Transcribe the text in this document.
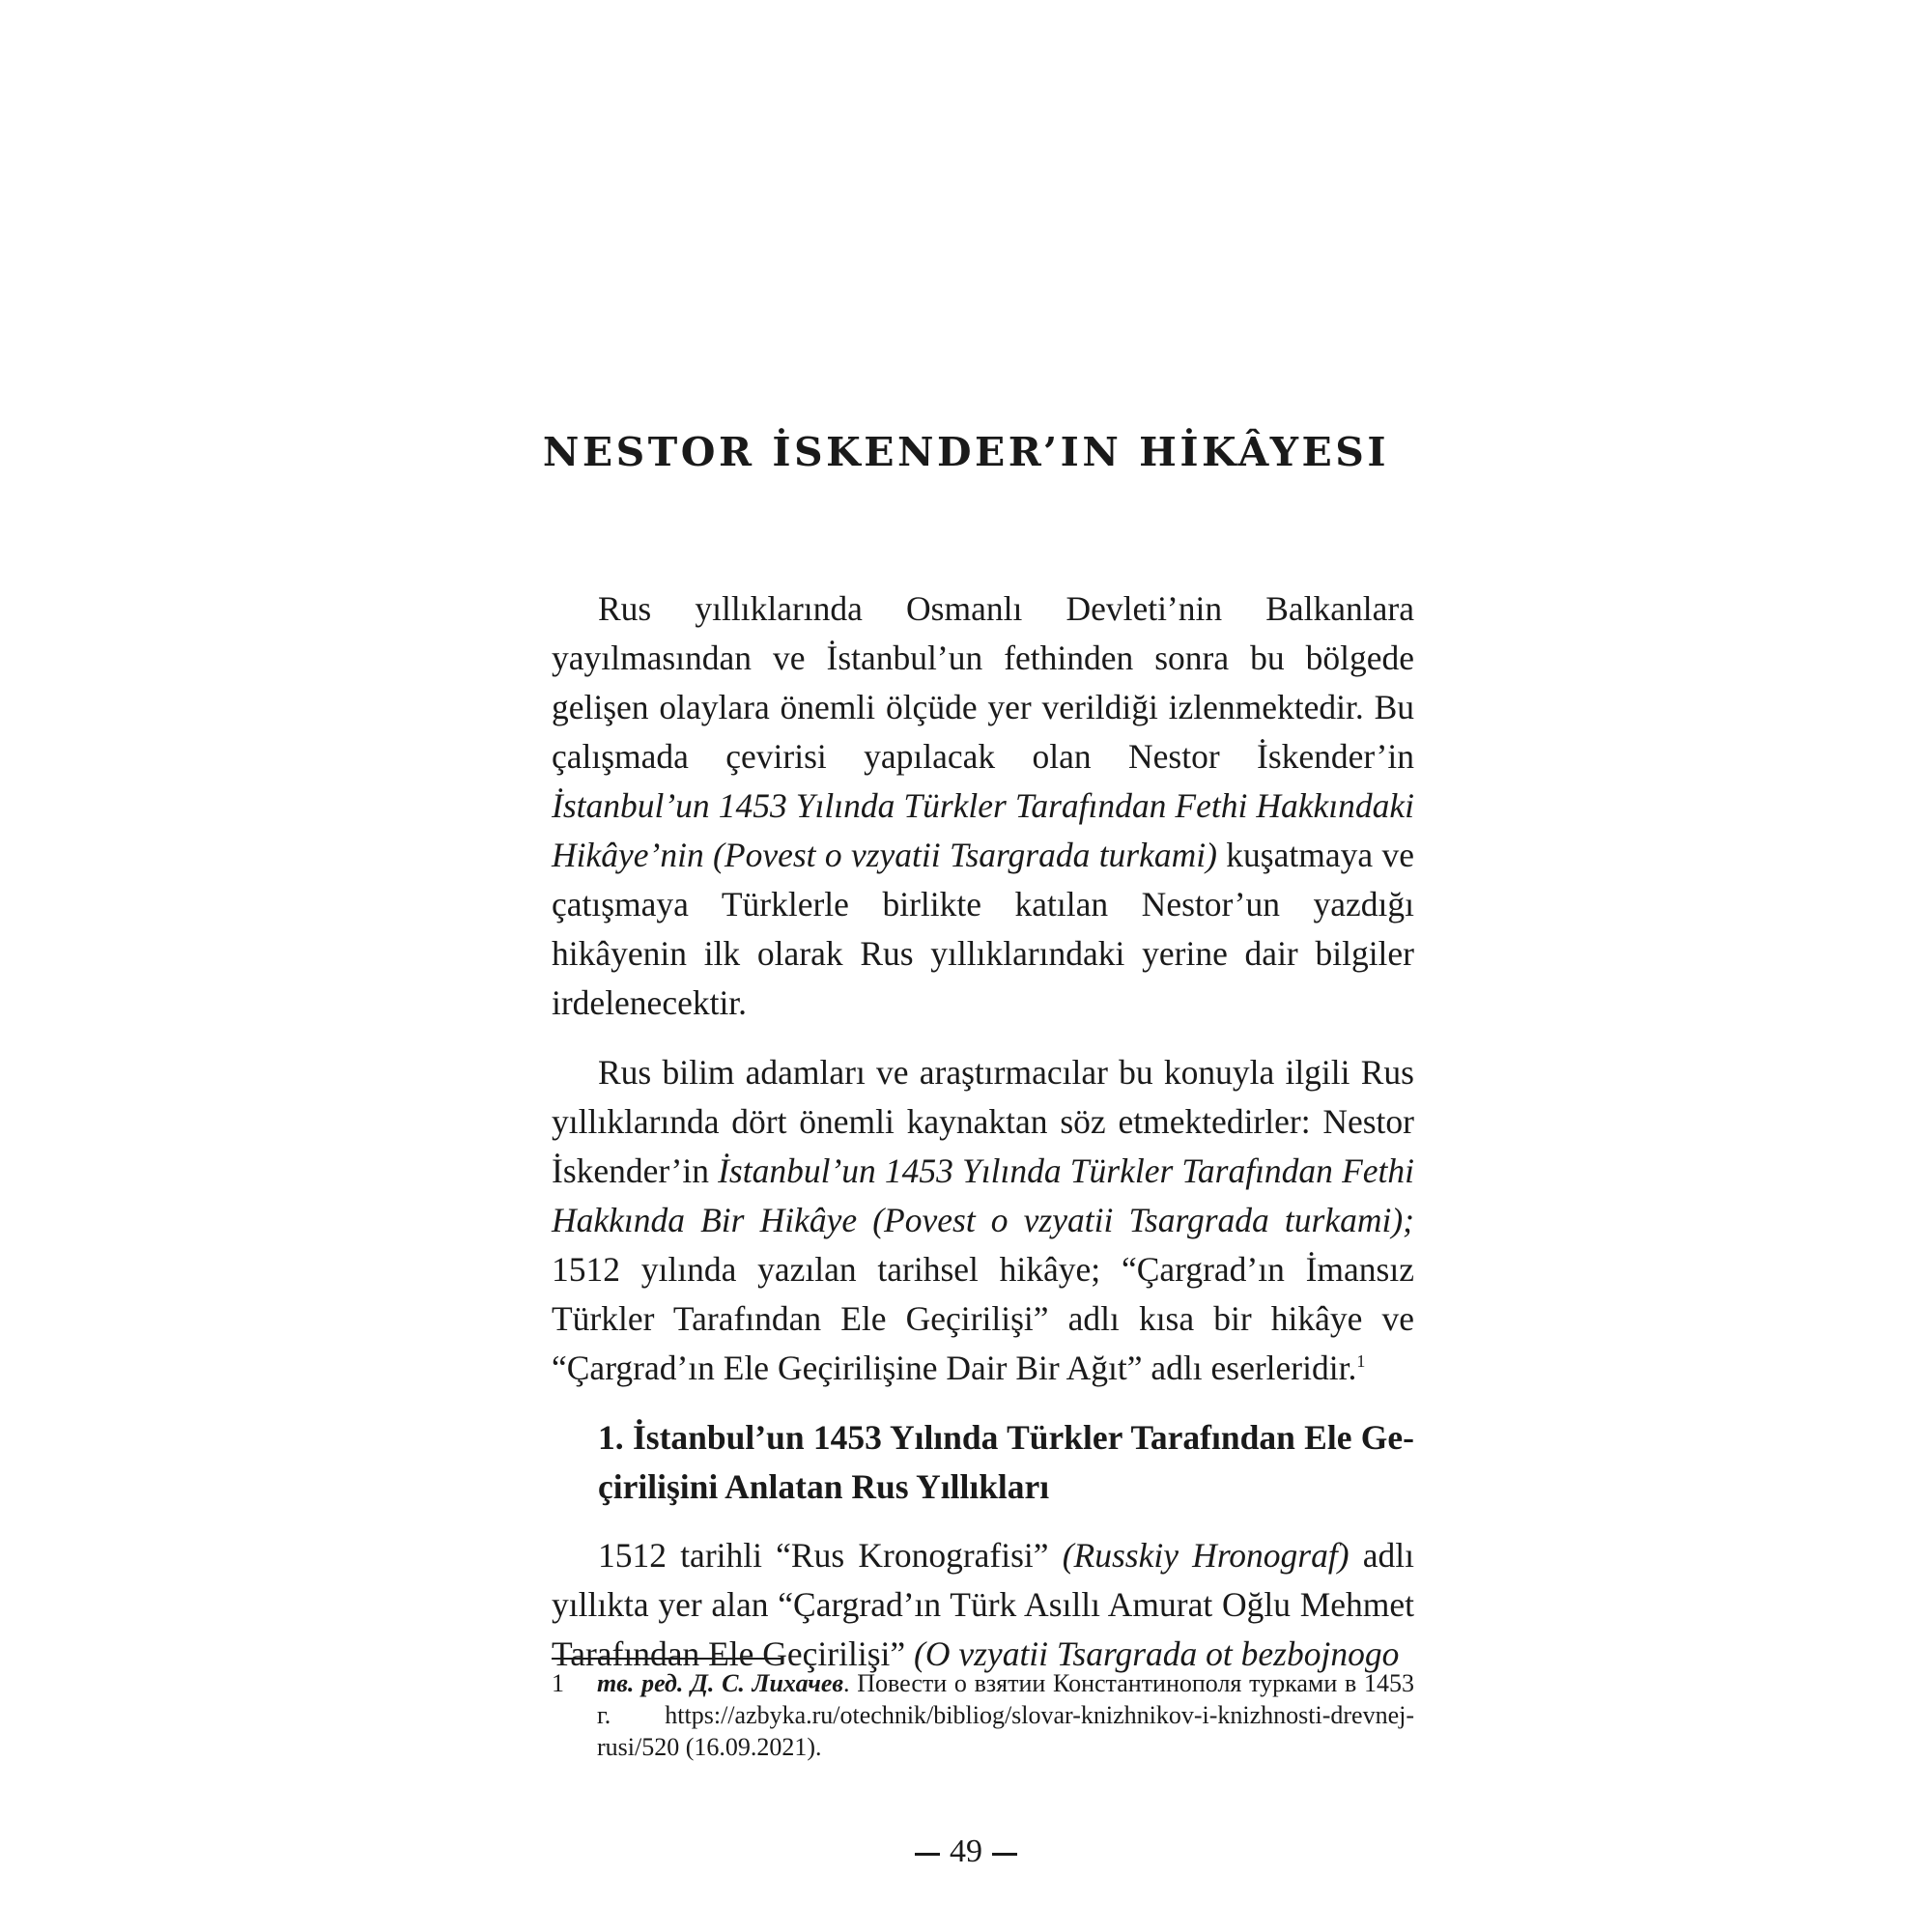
NESTOR İSKENDER’IN HİKÂYESI

Rus yıllıklarında Osmanlı Devleti’nin Balkanlara yayılmasından ve İstanbul’un fethinden sonra bu bölgede gelişen olaylara önemli ölçüde yer verildiği izlenmektedir. Bu çalışmada çevirisi yapılacak olan Nestor İskender’in İstanbul’un 1453 Yılında Türkler Tarafından Fethi Hakkındaki Hikâye’nin (Povest o vzyatii Tsargrada turkami) kuşatmaya ve çatışmaya Türklerle birlikte katılan Nestor’un yazdığı hikâyenin ilk olarak Rus yıllıklarındaki yerine dair bilgiler irdelenecektir.

Rus bilim adamları ve araştırmacılar bu konuyla ilgili Rus yıllıklarında dört önemli kaynaktan söz etmektedirler: Nestor İskender’in İstanbul’un 1453 Yılında Türkler Tarafından Fethi Hakkında Bir Hikâye (Povest o vzyatii Tsargrada turkami); 1512 yılında yazılan tarihsel hikâye; “Çargrad’ın İmansız Türkler Tarafından Ele Geçirilişi” adlı kısa bir hikâye ve “Çargrad’ın Ele Geçirilişine Dair Bir Ağıt” adlı eserleridir.$^1$

1. İstanbul’un 1453 Yılında Türkler Tarafından Ele Geçirilişini Anlatan Rus Yıllıkları

1512 tarihli “Rus Kronografisi” (Russkiy Hronograf) adlı yıllıkta yer alan “Çargrad’ın Türk Asıllı Amurat Oğlu Mehmet Tarafından Ele Geçirilişi” (O vzyatii Tsargrada ot bezbojnogo

1 тв. ред. Д. С. Лихачев. Повести о взятии Константинополя турками в 1453 г. https://azbyka.ru/otechnik/bibliog/slovar-knizhnikov-i-knizhnosti-drevnej-rusi/520 (16.09.2021).
49
